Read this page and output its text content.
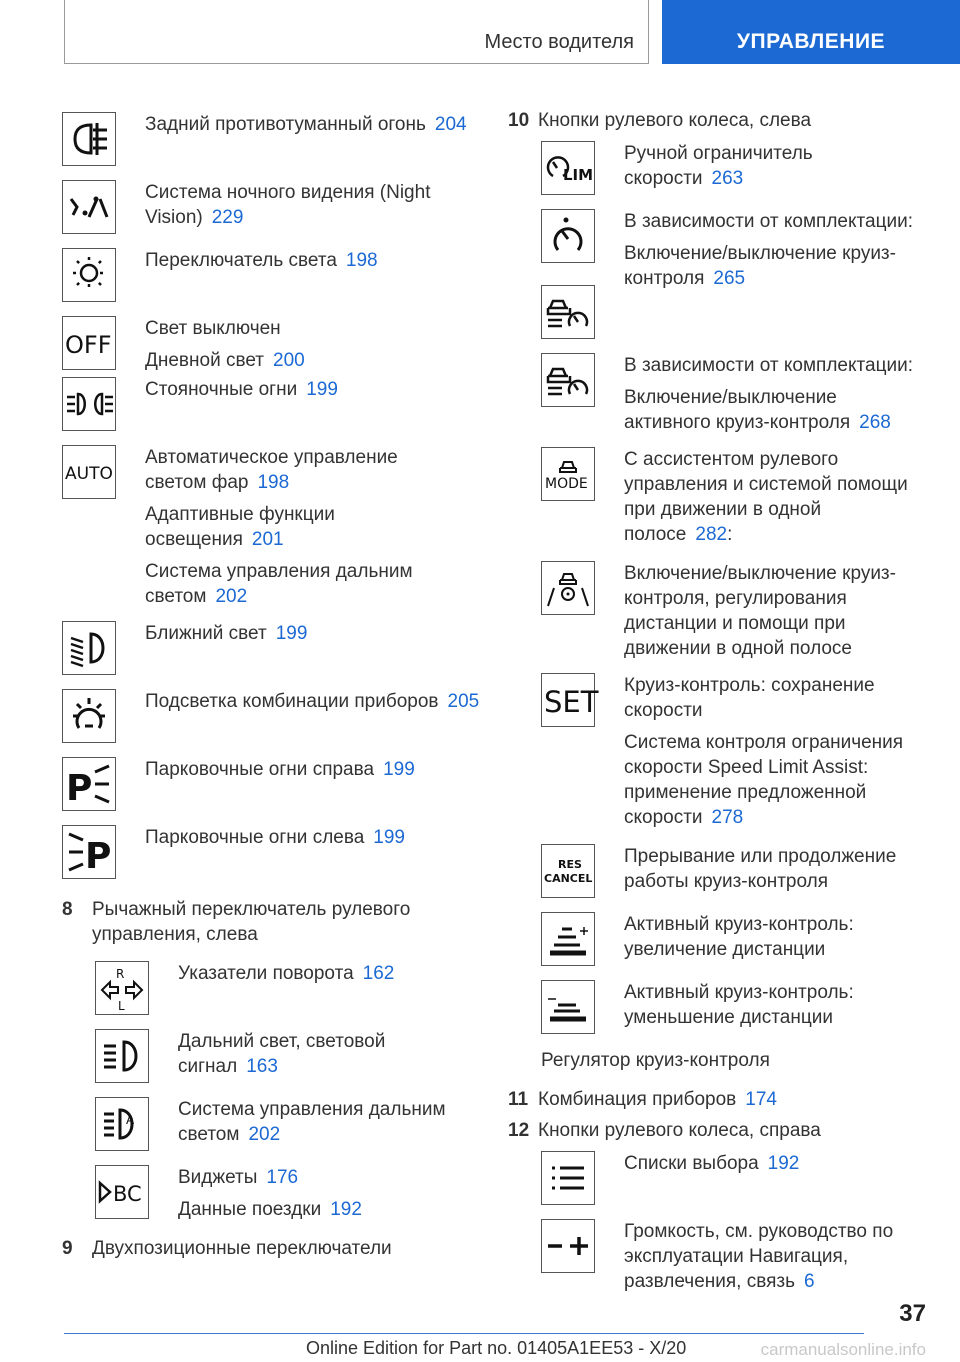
Место водителя	УПРАВЛЕНИЕ

Задний противотуманный огонь 204

Система ночного видения (Night Vision) 229

Переключатель света 198

OFF

Свет выключен

Дневной свет 200

Стояночные огни 199

AUTO

Автоматическое управление светом фар 198

Адаптивные функции освещения 201

Система управления дальним светом 202

Ближний свет 199

Подсветка комбинации приборов 205

P	Парковочные огни справа 199

P Парковочные огни слева 199

8	Рычажный переключатель рулевого управления, слева
R
L

Указатели поворота 162

Дальний свет, световой сигнал 163

A Система управления дальним светом 202

BC

Виджеты 176

Данные поездки 192

9	Двухпозиционные переключатели
10 Кнопки рулевого колеса, слева
LIM

Ручной ограничитель скорости 263

В зависимости от комплектации:

Включение/выключение круиз-контроля 265

В зависимости от комплектации:

Включение/выключение активного круиз-контроля 268

MODE

С ассистентом рулевого управления и системой помощи при движении в одной полосе 282:

Включение/выключение круиз-контроля, регулирования дистанции и помощи при движении в одной полосе

SET Круиз-контроль: сохранение скорости

Система контроля ограничения скорости Speed Limit Assist: применение предложенной скорости 278

RES
CANCEL

Прерывание или продолжение работы круиз-контроля

Активный круиз-контроль: увеличение дистанции

Активный круиз-контроль: уменьшение дистанции

Регулятор круиз-контроля
11 Комбинация приборов 174
12 Кнопки рулевого колеса, справа

Списки выбора 192

Громкость, см. руководство по эксплуатации Навигация, развлечения, связь 6

37
Online Edition for Part no. 01405A1EE53 - X/20	carmanualsonline.info
